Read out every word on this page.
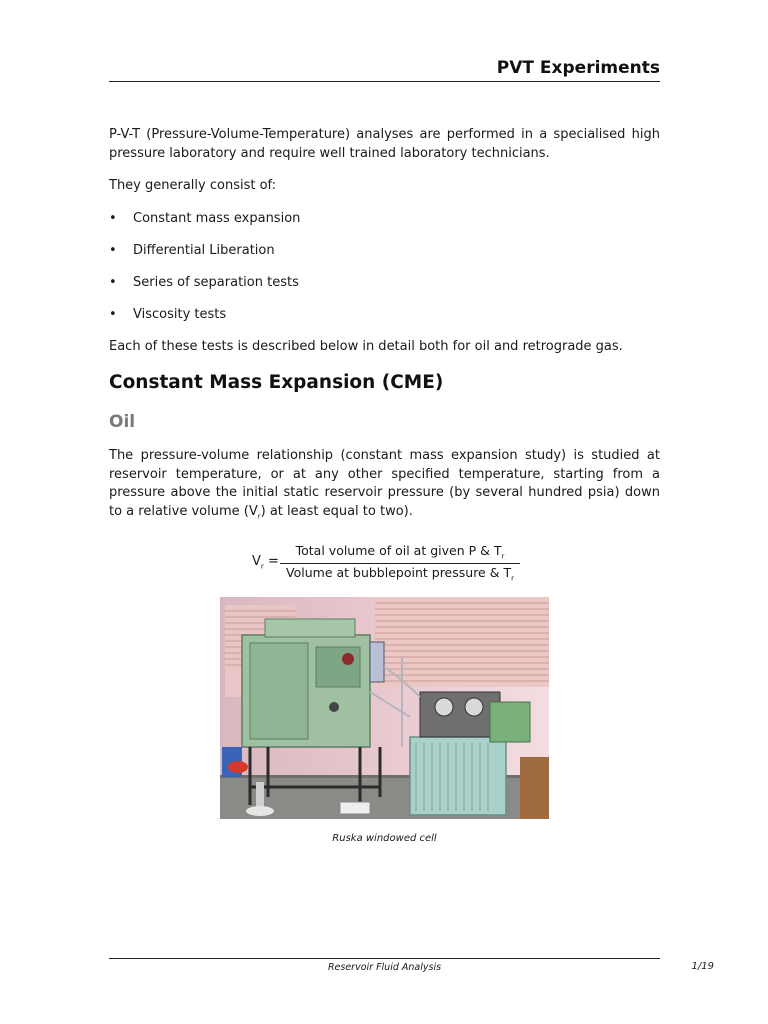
PVT Experiments

P-V-T (Pressure-Volume-Temperature) analyses are performed in a specialised high pressure laboratory and require well trained laboratory technicians.

They generally consist of:

• Constant mass expansion
• Differential Liberation
• Series of separation tests
• Viscosity tests

Each of these tests is described below in detail both for oil and retrograde gas.

Constant Mass Expansion (CME)
Oil

The pressure-volume relationship (constant mass expansion study) is studied at reservoir temperature, or at any other specified temperature, starting from a pressure above the initial static reservoir pressure (by several hundred psia) down to a relative volume $(V_r)$ at least equal to two).

$V_r$ =
Total volume of oil at given P & $T_r$
Volume at bubblepoint pressure & $T_r$
Ruska windowed cell
Reservoir Fluid Analysis	1/19
